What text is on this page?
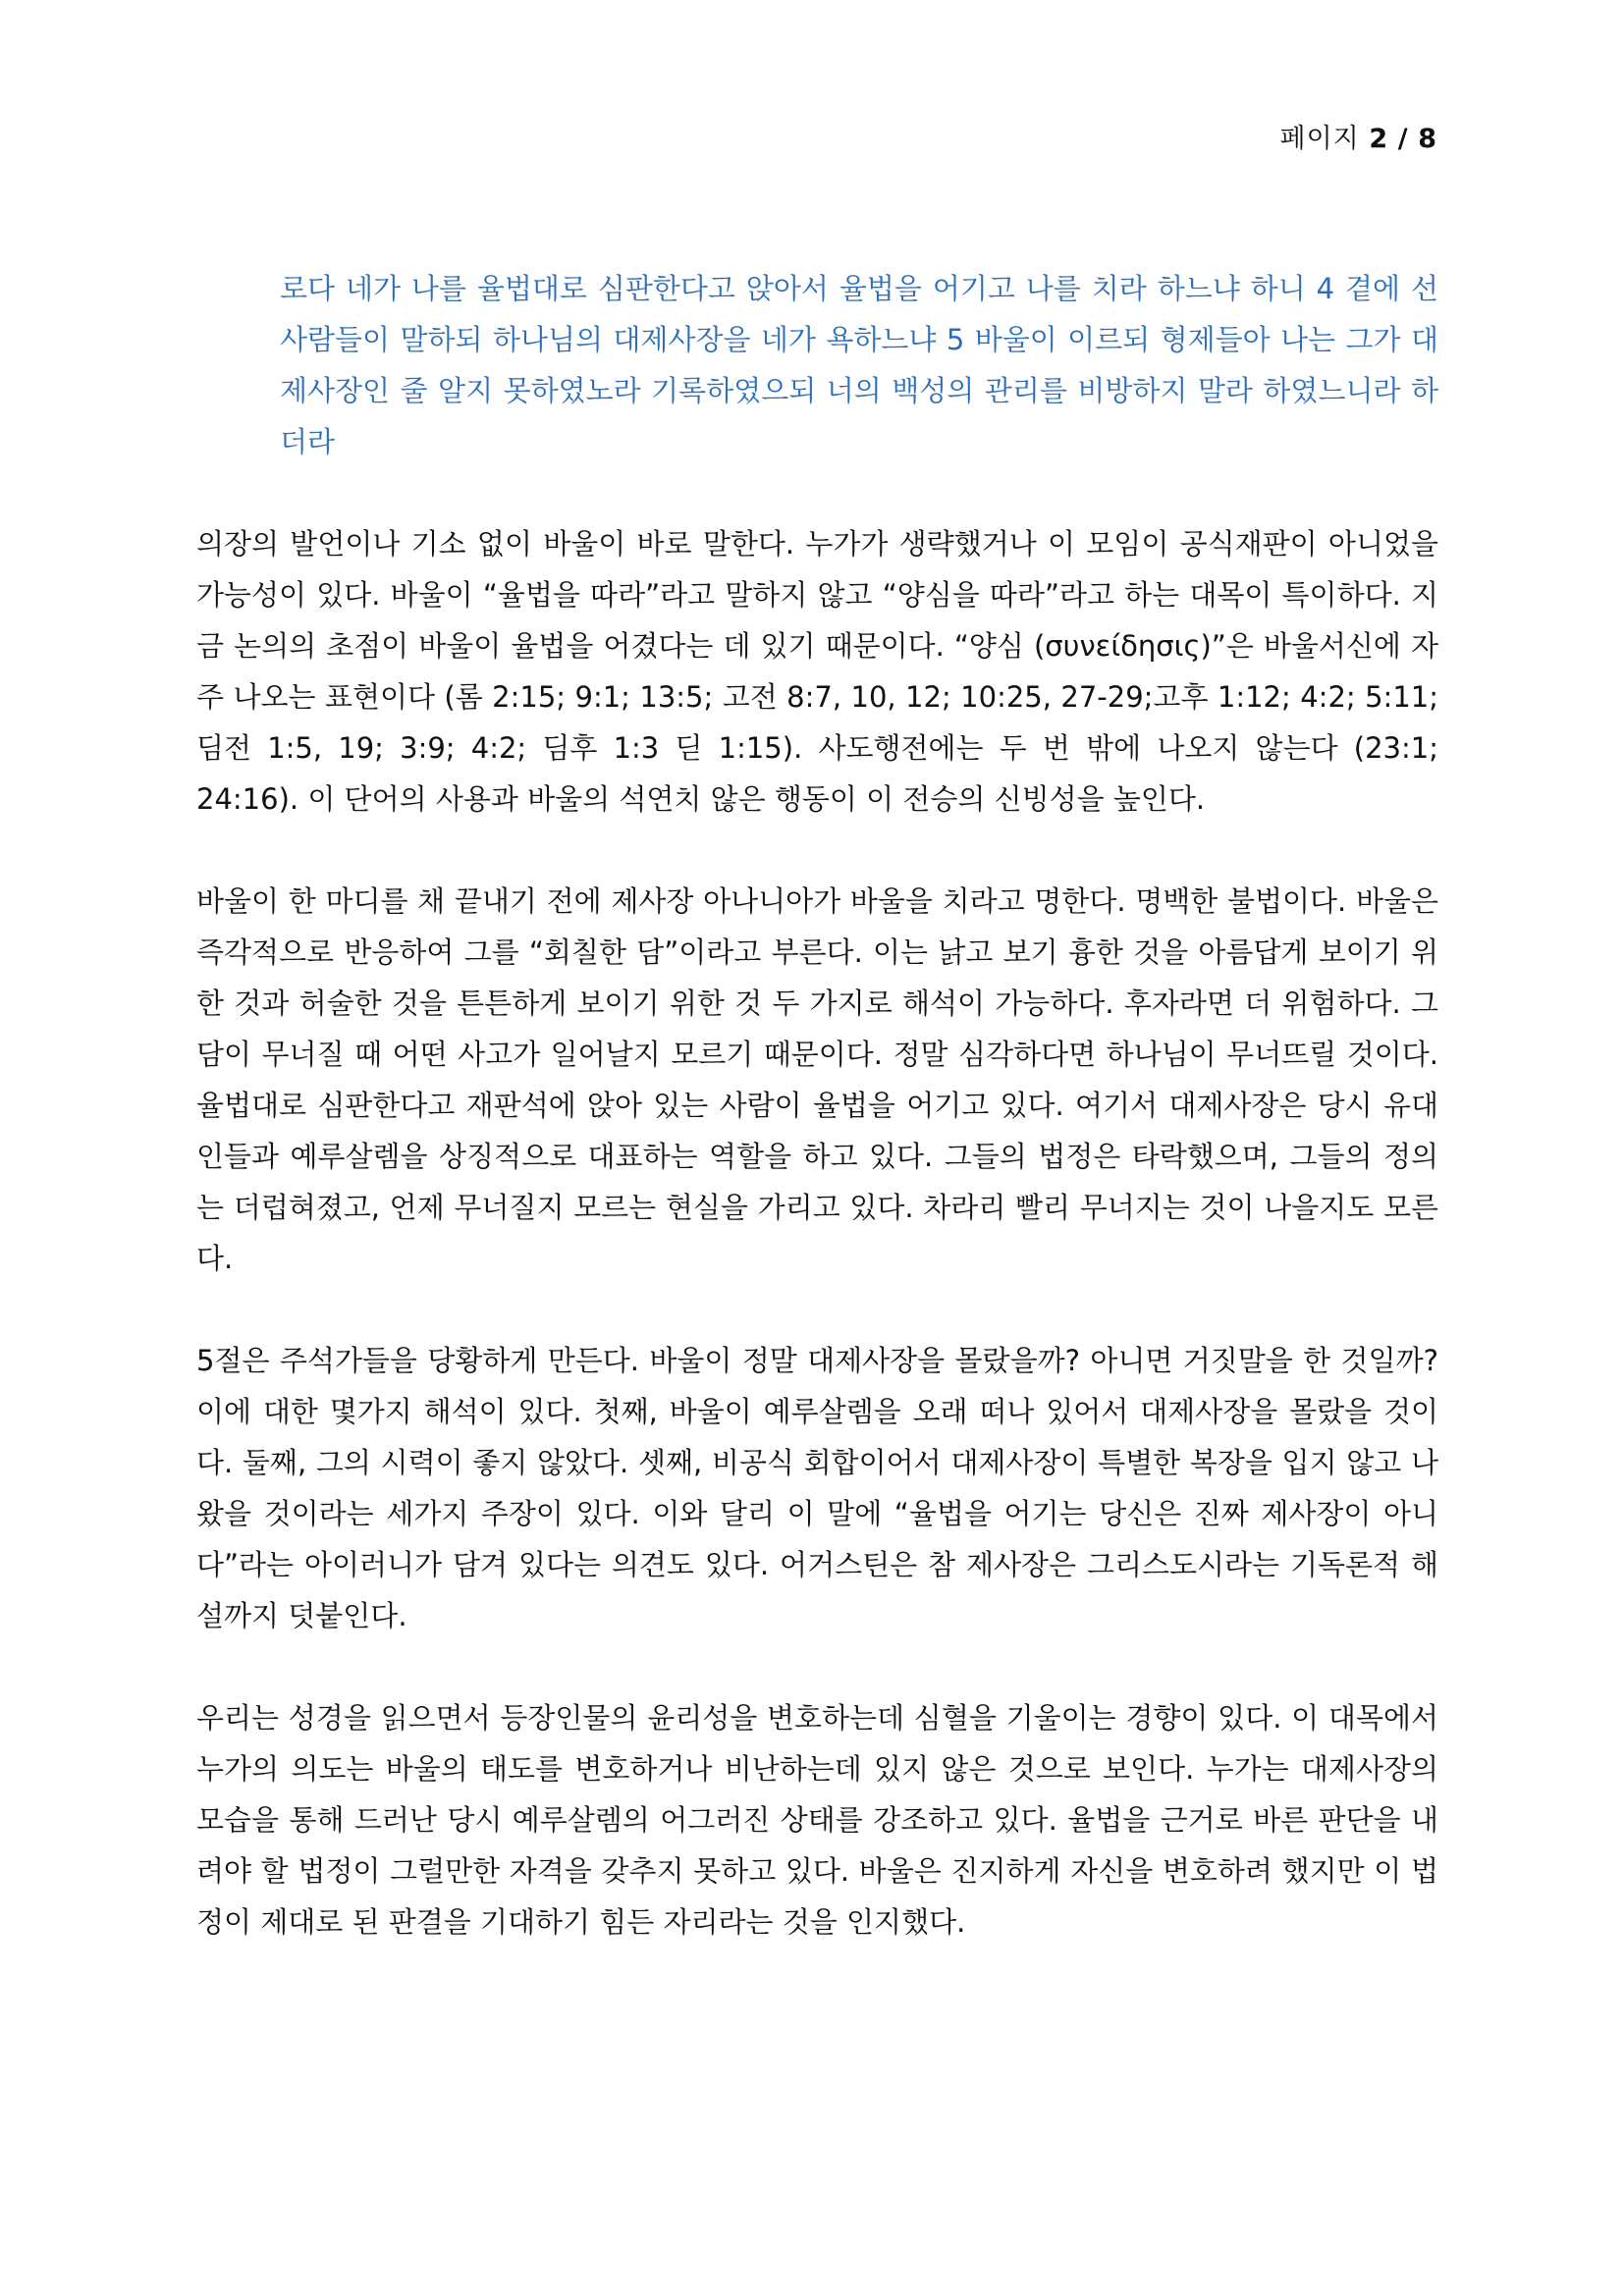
페이지 2 / 8
로다 네가 나를 율법대로 심판한다고 앉아서 율법을 어기고 나를 치라 하느냐 하니 4 곁에 선 사람들이 말하되 하나님의 대제사장을 네가 욕하느냐 5 바울이 이르되 형제들아 나는 그가 대제사장인 줄 알지 못하였노라 기록하였으되 너의 백성의 관리를 비방하지 말라 하였느니라 하더라

의장의 발언이나 기소 없이 바울이 바로 말한다. 누가가 생략했거나 이 모임이 공식재판이 아니었을 가능성이 있다. 바울이 “율법을 따라”라고 말하지 않고 “양심을 따라”라고 하는 대목이 특이하다. 지금 논의의 초점이 바울이 율법을 어겼다는 데 있기 때문이다. “양심 (συνείδησις)”은 바울서신에 자주 나오는 표현이다 (롬 2:15; 9:1; 13:5; 고전 8:7, 10, 12; 10:25, 27-29;고후 1:12; 4:2; 5:11; 딤전 1:5, 19; 3:9; 4:2; 딤후 1:3 딛 1:15). 사도행전에는 두 번 밖에 나오지 않는다 (23:1; 24:16). 이 단어의 사용과 바울의 석연치 않은 행동이 이 전승의 신빙성을 높인다.

바울이 한 마디를 채 끝내기 전에 제사장 아나니아가 바울을 치라고 명한다. 명백한 불법이다. 바울은 즉각적으로 반응하여 그를 “회칠한 담”이라고 부른다. 이는 낡고 보기 흉한 것을 아름답게 보이기 위한 것과 허술한 것을 튼튼하게 보이기 위한 것 두 가지로 해석이 가능하다. 후자라면 더 위험하다. 그 담이 무너질 때 어떤 사고가 일어날지 모르기 때문이다. 정말 심각하다면 하나님이 무너뜨릴 것이다. 율법대로 심판한다고 재판석에 앉아 있는 사람이 율법을 어기고 있다. 여기서 대제사장은 당시 유대인들과 예루살렘을 상징적으로 대표하는 역할을 하고 있다. 그들의 법정은 타락했으며, 그들의 정의는 더럽혀졌고, 언제 무너질지 모르는 현실을 가리고 있다. 차라리 빨리 무너지는 것이 나을지도 모른다.

5절은 주석가들을 당황하게 만든다. 바울이 정말 대제사장을 몰랐을까? 아니면 거짓말을 한 것일까? 이에 대한 몇가지 해석이 있다. 첫째, 바울이 예루살렘을 오래 떠나 있어서 대제사장을 몰랐을 것이다. 둘째, 그의 시력이 좋지 않았다. 셋째, 비공식 회합이어서 대제사장이 특별한 복장을 입지 않고 나왔을 것이라는 세가지 주장이 있다. 이와 달리 이 말에 “율법을 어기는 당신은 진짜 제사장이 아니다”라는 아이러니가 담겨 있다는 의견도 있다. 어거스틴은 참 제사장은 그리스도시라는 기독론적 해설까지 덧붙인다.

우리는 성경을 읽으면서 등장인물의 윤리성을 변호하는데 심혈을 기울이는 경향이 있다. 이 대목에서 누가의 의도는 바울의 태도를 변호하거나 비난하는데 있지 않은 것으로 보인다. 누가는 대제사장의 모습을 통해 드러난 당시 예루살렘의 어그러진 상태를 강조하고 있다. 율법을 근거로 바른 판단을 내려야 할 법정이 그럴만한 자격을 갖추지 못하고 있다. 바울은 진지하게 자신을 변호하려 했지만 이 법정이 제대로 된 판결을 기대하기 힘든 자리라는 것을 인지했다.
